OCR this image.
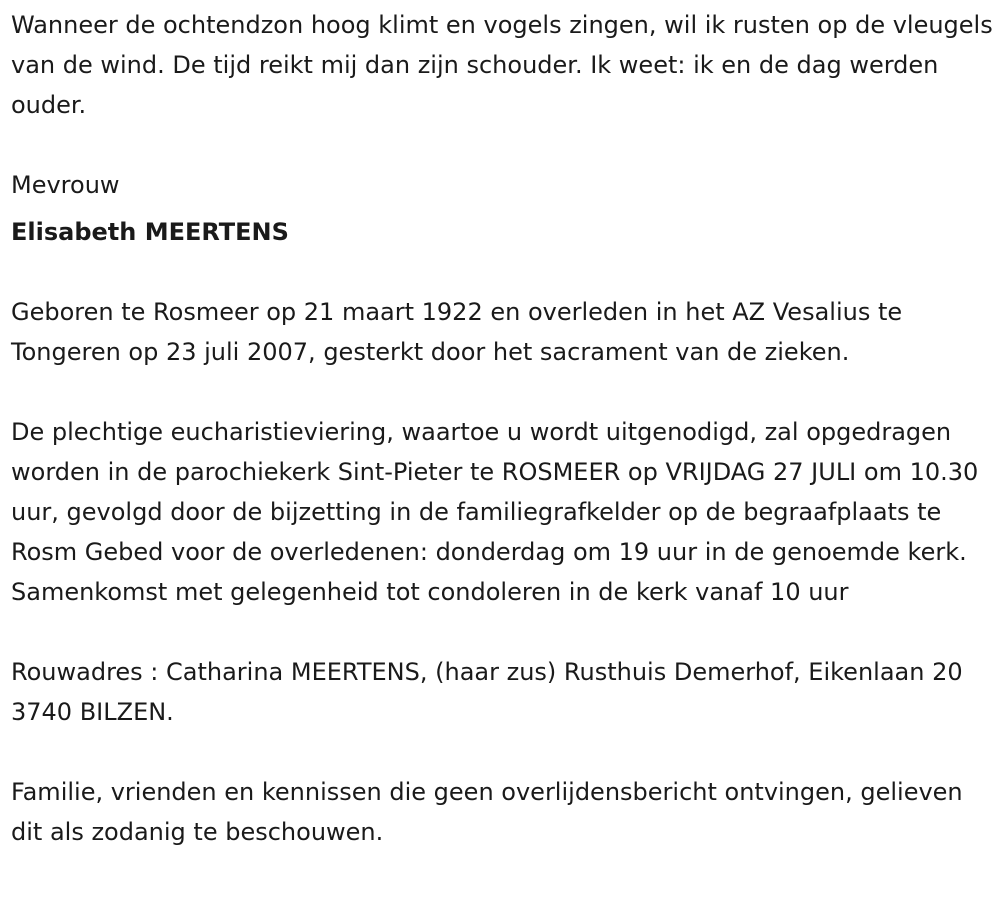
Wanneer de ochtendzon hoog klimt en vogels zingen, wil ik rusten op de vleugels van de wind. De tijd reikt mij dan zijn schouder. Ik weet: ik en de dag werden ouder.

Mevrouw

Elisabeth MEERTENS

Geboren te Rosmeer op 21 maart 1922 en overleden in het AZ Vesalius te Tongeren op 23 juli 2007, gesterkt door het sacrament van de zieken.

De plechtige eucharistieviering, waartoe u wordt uitgenodigd, zal opgedragen worden in de parochiekerk Sint-Pieter te ROSMEER op VRIJDAG 27 JULI om 10.30 uur, gevolgd door de bijzetting in de familiegrafkelder op de begraafplaats te Rosm Gebed voor de overledenen: donderdag om 19 uur in de genoemde kerk. Samenkomst met gelegenheid tot condoleren in de kerk vanaf 10 uur

Rouwadres : Catharina MEERTENS, (haar zus) Rusthuis Demerhof, Eikenlaan 20 3740 BILZEN.

Familie, vrienden en kennissen die geen overlijdensbericht ontvingen, gelieven dit als zodanig te beschouwen.
